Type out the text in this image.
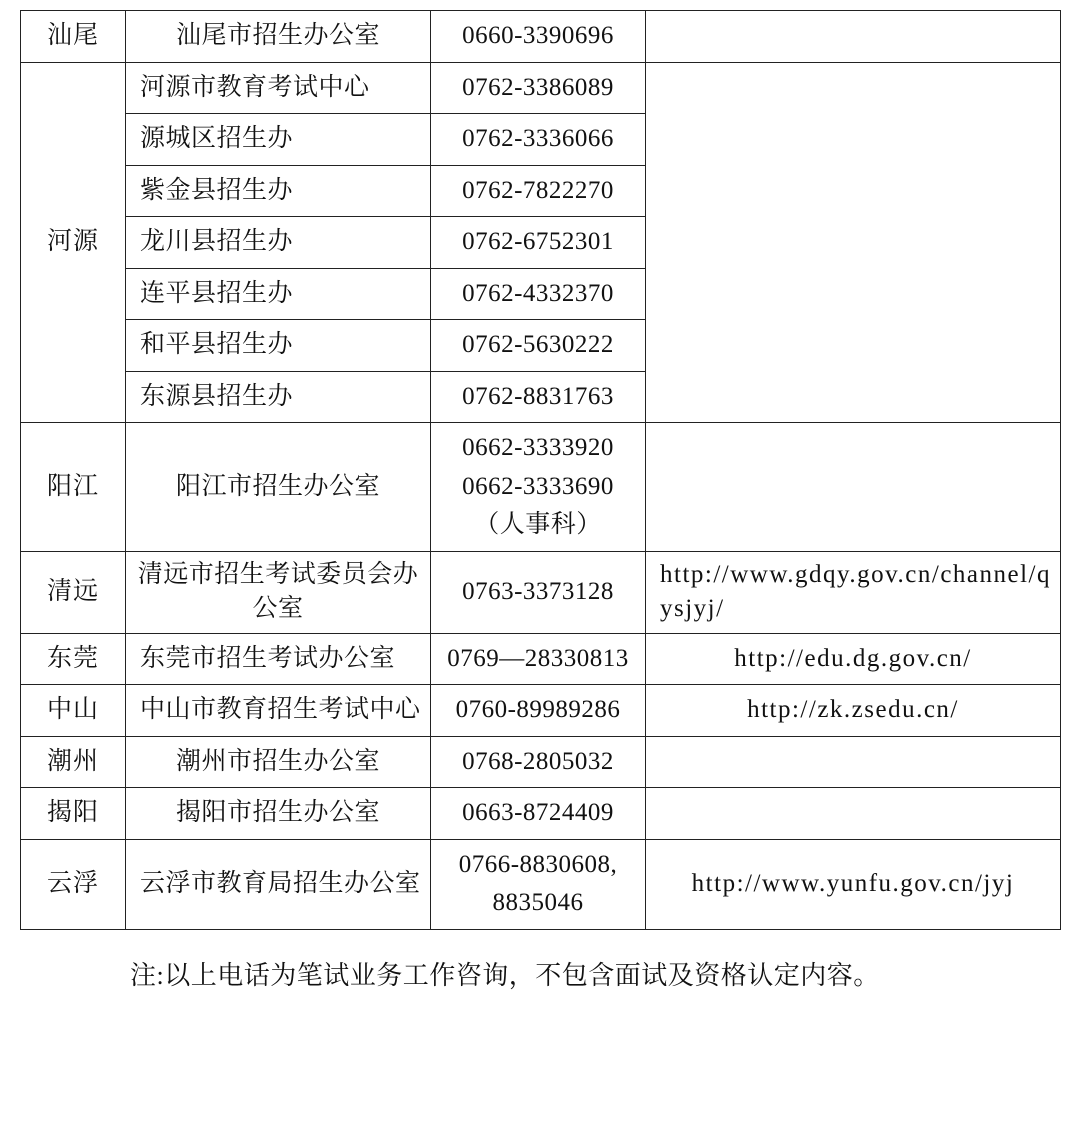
汕尾	汕尾市招生办公室	0660-3390696	

河源	河源市教育考试中心	0762-3386089	

	源城区招生办	0762-3336066	

	紫金县招生办	0762-7822270	

	龙川县招生办	0762-6752301	

	连平县招生办	0762-4332370	

	和平县招生办	0762-5630222	

	东源县招生办	0762-8831763	

阳江	阳江市招生办公室	0662-3333920
0662-3333690
（人事科）	

清远	清远市招生考试委员会办公室	0763-3373128	http://www.gdqy.gov.cn/channel/qysjyj/
东莞	东莞市招生考试办公室	0769—28330813	http://edu.dg.gov.cn/
中山	中山市教育招生考试中心	0760-89989286	http://zk.zsedu.cn/
潮州	潮州市招生办公室	0768-2805032	

揭阳	揭阳市招生办公室	0663-8724409	

云浮	云浮市教育局招生办公室	0766-8830608,
8835046	http://www.yunfu.gov.cn/jyj
注:以上电话为笔试业务工作咨询，不包含面试及资格认定内容。
